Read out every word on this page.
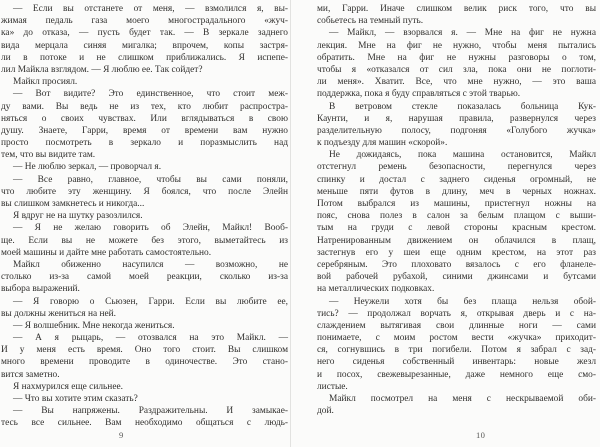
— Если вы отстанете от меня, — взмолился я, вы-
жимая педаль газа моего многострадального «жуч-
ка» до отказа, — пусть будет так. — В зеркале заднего
вида мерцала синяя мигалка; впрочем, копы застря-
ли в потоке и не слишком приближались. Я испепе-
лил Майкла взглядом. — Я люблю ее. Так сойдет?
Майкл просиял.
— Вот видите? Это единственное, что стоит меж-
ду вами. Вы ведь не из тех, кто любит распростра-
няться о своих чувствах. Или вглядываться в свою
душу. Знаете, Гарри, время от времени вам нужно
просто посмотреть в зеркало и поразмыслить над
тем, что вы видите там.
— Не люблю зеркал, — проворчал я.
— Все равно, главное, чтобы вы сами поняли,
что любите эту женщину. Я боялся, что после Элейн
вы слишком замкнетесь и никогда...
Я вдруг не на шутку разозлился.
— Я не желаю говорить об Элейн, Майкл! Вооб-
ще. Если вы не можете без этого, выметайтесь из
моей машины и дайте мне работать самостоятельно.
Майкл обиженно насупился — возможно, не
столько из-за самой моей реакции, сколько из-за
выбора выражений.
— Я говорю о Сьюзен, Гарри. Если вы любите ее,
вы должны жениться на ней.
— Я волшебник. Мне некогда жениться.
— А я рыцарь, — отозвался на это Майкл. —
И у меня есть время. Оно того стоит. Вы слишком
много времени проводите в одиночестве. Это стано-
вится заметно.
Я нахмурился еще сильнее.
— Что вы хотите этим сказать?
— Вы напряжены. Раздражительны. И замыкае-
тесь все сильнее. Вам необходимо общаться с людь-
ми, Гарри. Иначе слишком велик риск того, что вы
собьетесь на темный путь.
— Майкл, — взорвался я. — Мне на фиг не нужна
лекция. Мне на фиг не нужно, чтобы меня пытались
обратить. Мне на фиг не нужны разговоры о том,
чтобы я «отказался от сил зла, пока они не поглоти-
ли меня». Хватит. Все, что мне нужно, — это ваша
поддержка, пока я буду справляться с этой тварью.
В ветровом стекле показалась больница Кук-
Каунти, и я, нарушая правила, развернулся через
разделительную полосу, подгоняя «Голубого жучка»
к подъезду для машин «скорой».
Не дожидаясь, пока машина остановится, Майкл
отстегнул ремень безопасности, перегнулся через
спинку и достал с заднего сиденья огромный, не
меньше пяти футов в длину, меч в черных ножнах.
Потом выбрался из машины, пристегнул ножны на
пояс, снова полез в салон за белым плащом с выши-
тым на груди с левой стороны красным крестом.
Натренированным движением он облачился в плащ,
застегнув его у шеи еще одним крестом, на этот раз
серебряным. Это плоховато вязалось с его фланеле-
вой рабочей рубахой, синими джинсами и бутсами
на металлических подковках.
— Неужели хотя бы без плаща нельзя обой-
тись? — продолжал ворчать я, открывая дверь и с на-
слаждением вытягивая свои длинные ноги — сами
понимаете, с моим ростом вести «жучка» приходит-
ся, согнувшись в три погибели. Потом я забрал с зад-
него сиденья собственный инвентарь: новые жезл
и посох, свежевырезанные, даже немного еще смо-
листые.
Майкл посмотрел на меня с нескрываемой оби-
дой.
9	10
